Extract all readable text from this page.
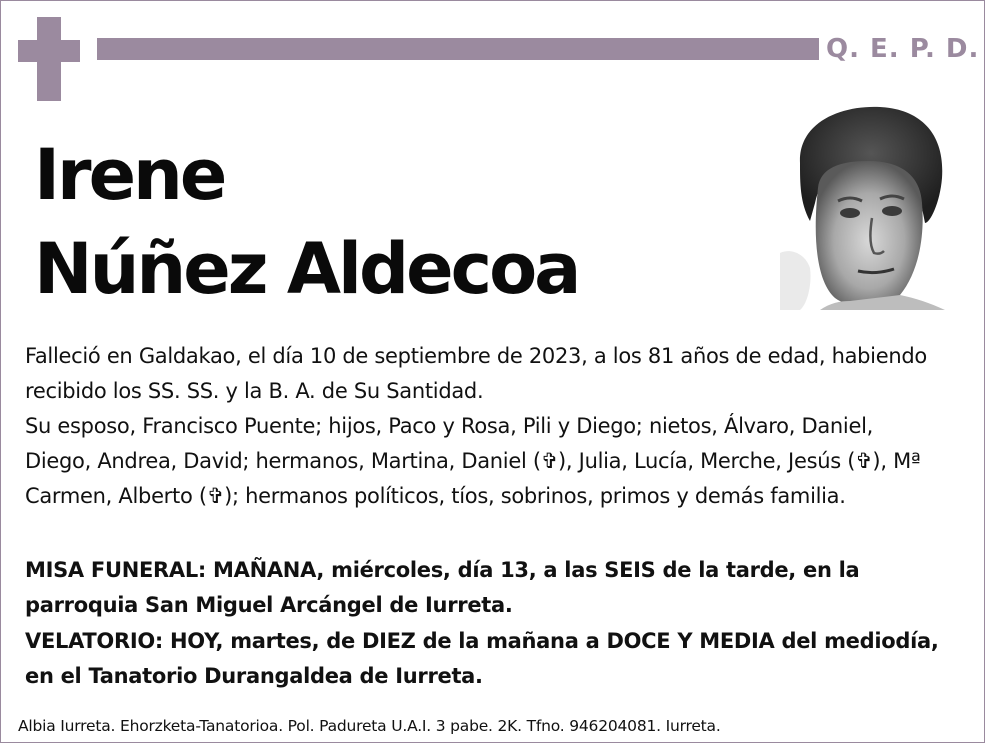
Q. E. P. D.
Irene
Núñez Aldecoa
Falleció en Galdakao, el día 10 de septiembre de 2023, a los 81 años de edad, habiendo recibido los SS. SS. y la B. A. de Su Santidad.
Su esposo, Francisco Puente; hijos, Paco y Rosa, Pili y Diego; nietos, Álvaro, Daniel, Diego, Andrea, David; hermanos, Martina, Daniel (✞), Julia, Lucía, Merche, Jesús (✞), Mª Carmen, Alberto (✞); hermanos políticos, tíos, sobrinos, primos y demás familia.
MISA FUNERAL: MAÑANA, miércoles, día 13, a las SEIS de la tarde, en la parroquia San Miguel Arcángel de Iurreta.
VELATORIO: HOY, martes, de DIEZ de la mañana a DOCE Y MEDIA del mediodía, en el Tanatorio Durangaldea de Iurreta.
Albia Iurreta. Ehorzketa-Tanatorioa. Pol. Padureta U.A.I. 3 pabe. 2K. Tfno. 946204081. Iurreta.
